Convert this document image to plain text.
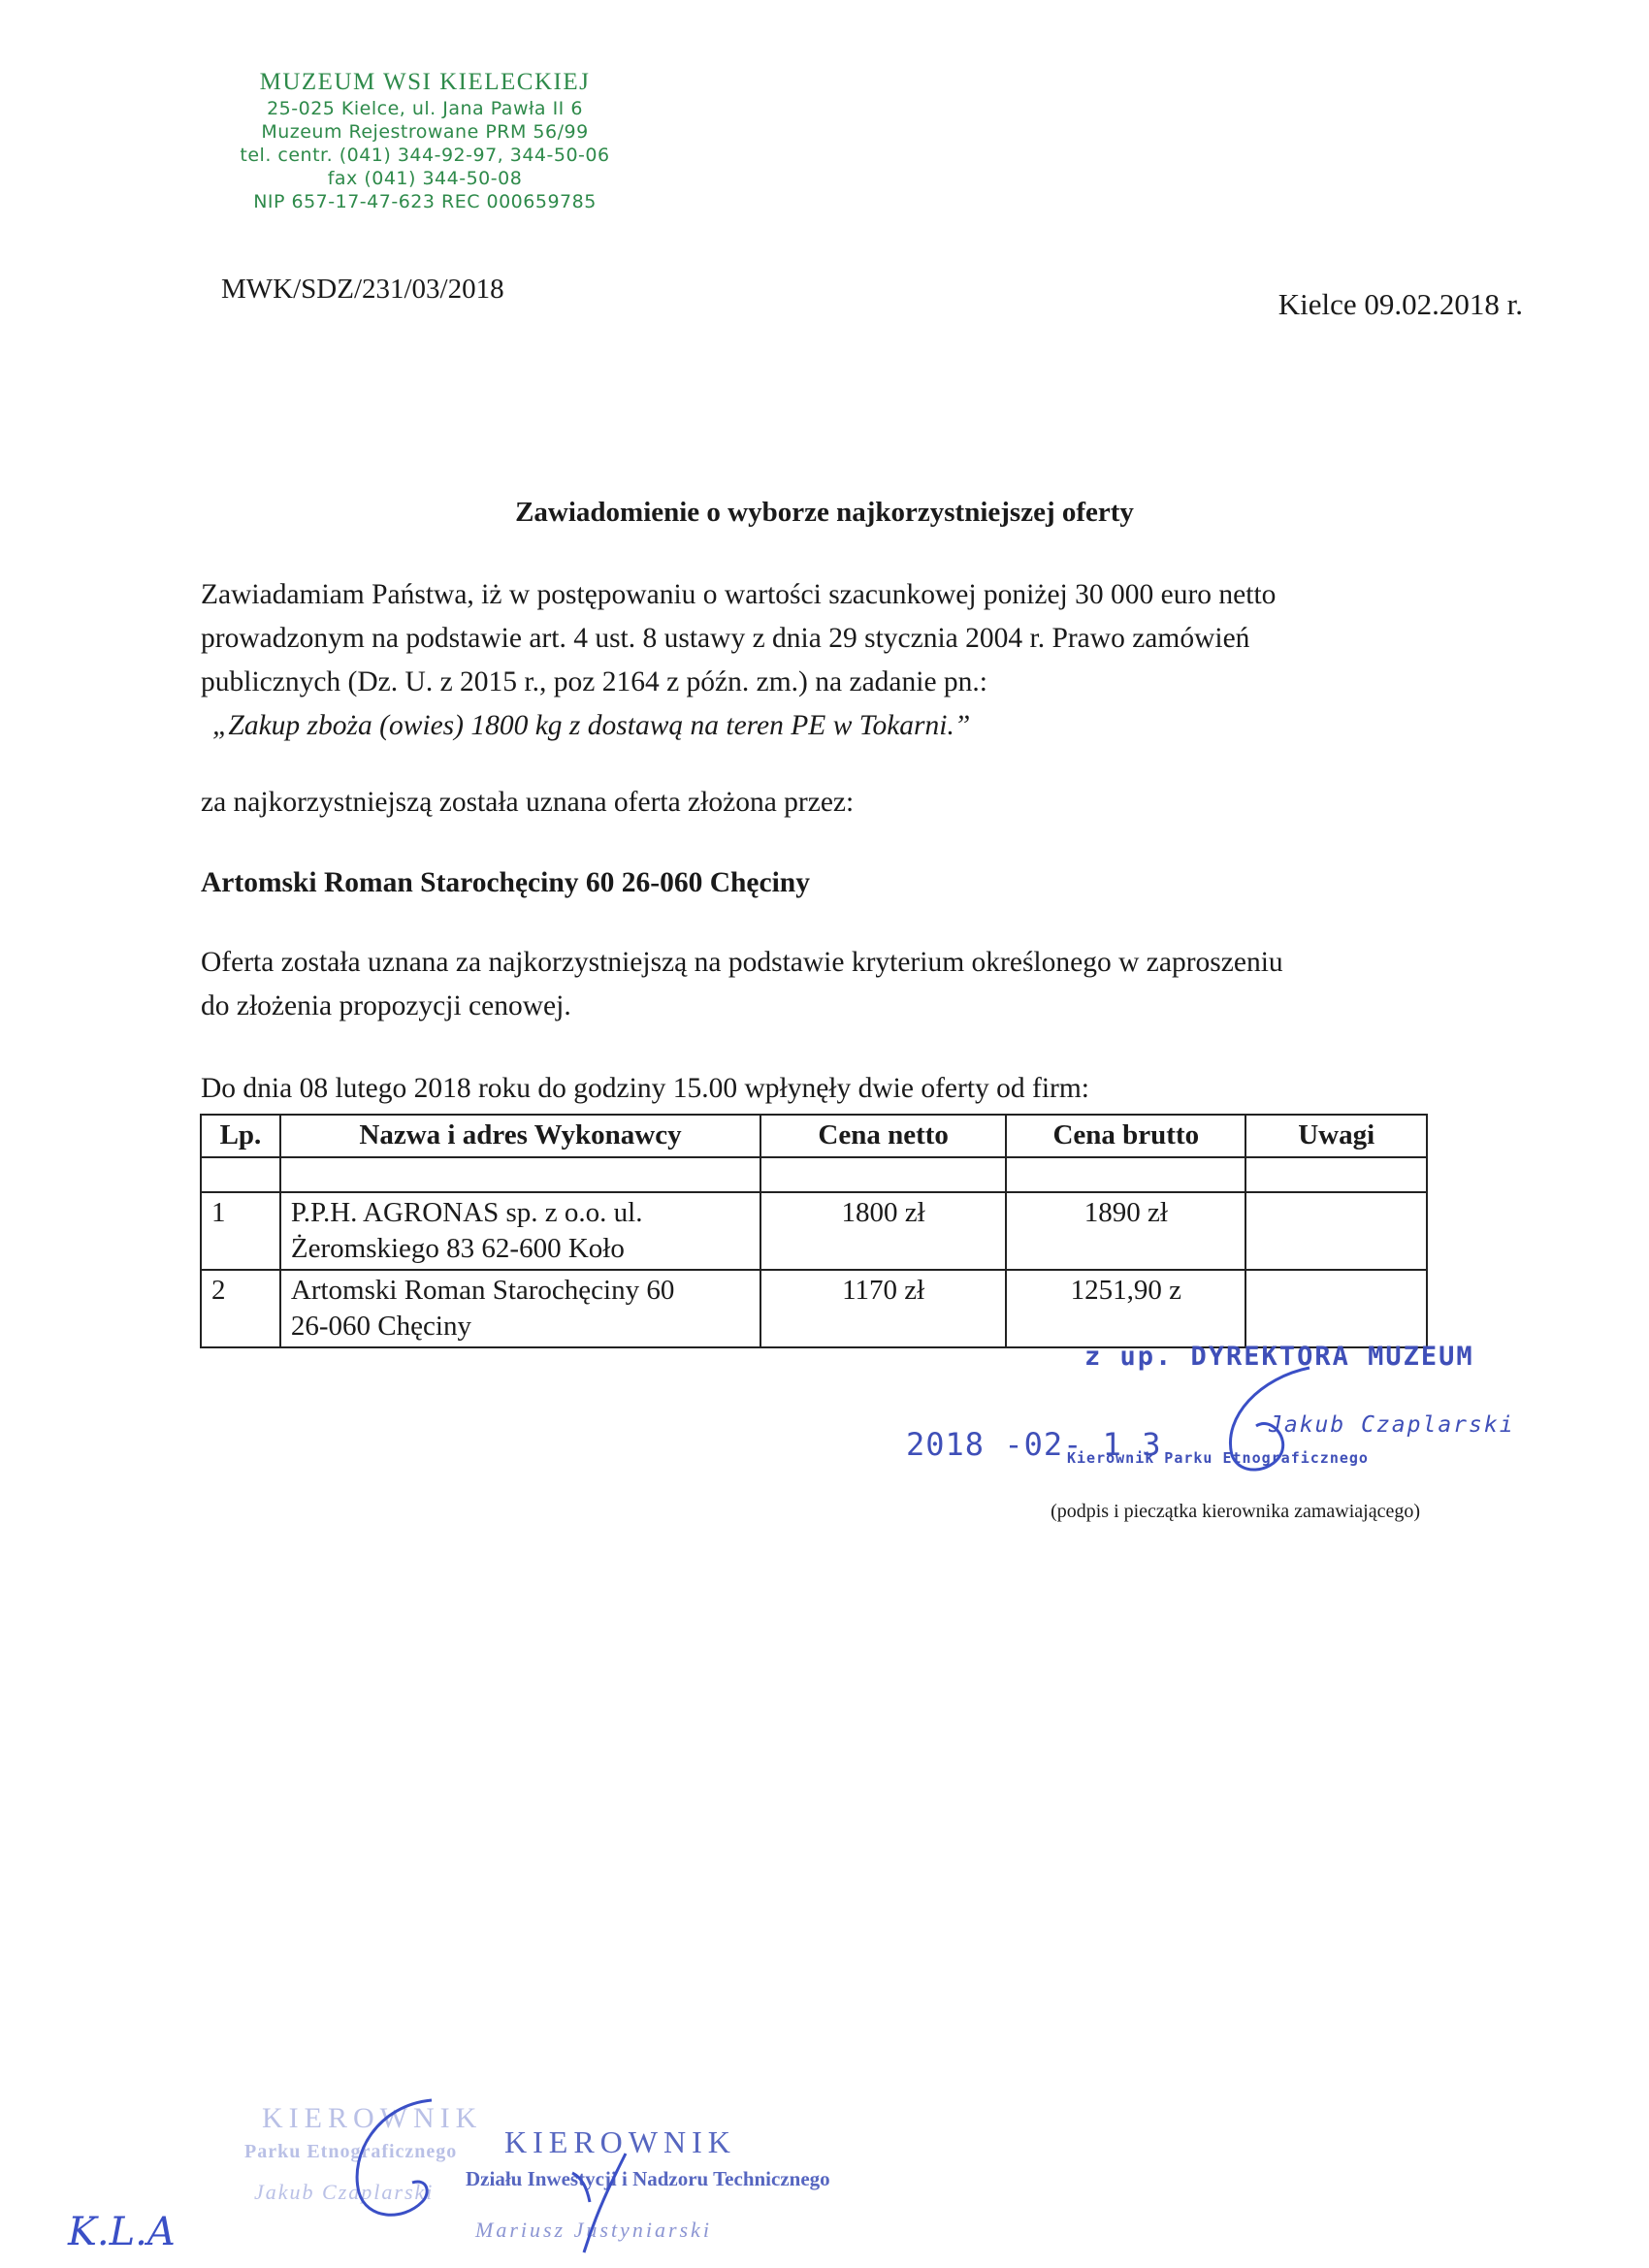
MUZEUM WSI KIELECKIEJ
25-025 Kielce, ul. Jana Pawła II 6
Muzeum Rejestrowane PRM 56/99
tel. centr. (041) 344-92-97, 344-50-06
fax (041) 344-50-08
NIP 657-17-47-623 REC 000659785
MWK/SDZ/231/03/2018	Kielce 09.02.2018 r.
Zawiadomienie o wyborze najkorzystniejszej oferty
Zawiadamiam Państwa, iż w postępowaniu o wartości szacunkowej poniżej 30 000 euro netto
prowadzonym na podstawie art. 4 ust. 8 ustawy z dnia 29 stycznia 2004 r. Prawo zamówień
publicznych (Dz. U. z 2015 r., poz 2164 z późn. zm.) na zadanie pn.:
„Zakup zboża (owies) 1800 kg z dostawą na teren PE w Tokarni.”
za najkorzystniejszą została uznana oferta złożona przez:
Artomski Roman Starochęciny 60 26-060 Chęciny
Oferta została uznana za najkorzystniejszą na podstawie kryterium określonego w zaproszeniu
do złożenia propozycji cenowej.
Do dnia 08 lutego 2018 roku do godziny 15.00 wpłynęły dwie oferty od firm:
Lp.	Nazwa i adres Wykonawcy	Cena netto	Cena brutto	Uwagi

1	P.P.H. AGRONAS sp. z o.o. ul.
Żeromskiego 83 62-600 Koło	1800 zł	1890 zł	
2	Artomski Roman Starochęciny 60
26-060 Chęciny	1170 zł	1251,90 z	
z up. DYREKTORA MUZEUM
2018 -02- 1 3
Jakub Czaplarski
Kierownik Parku Etnograficznego
(podpis i pieczątka kierownika zamawiającego)
KIEROWNIK
Parku Etnograficznego
Jakub Czaplarski
KIEROWNIK
Działu Inwestycji i Nadzoru Technicznego
Mariusz Justyniarski
K.L.A
